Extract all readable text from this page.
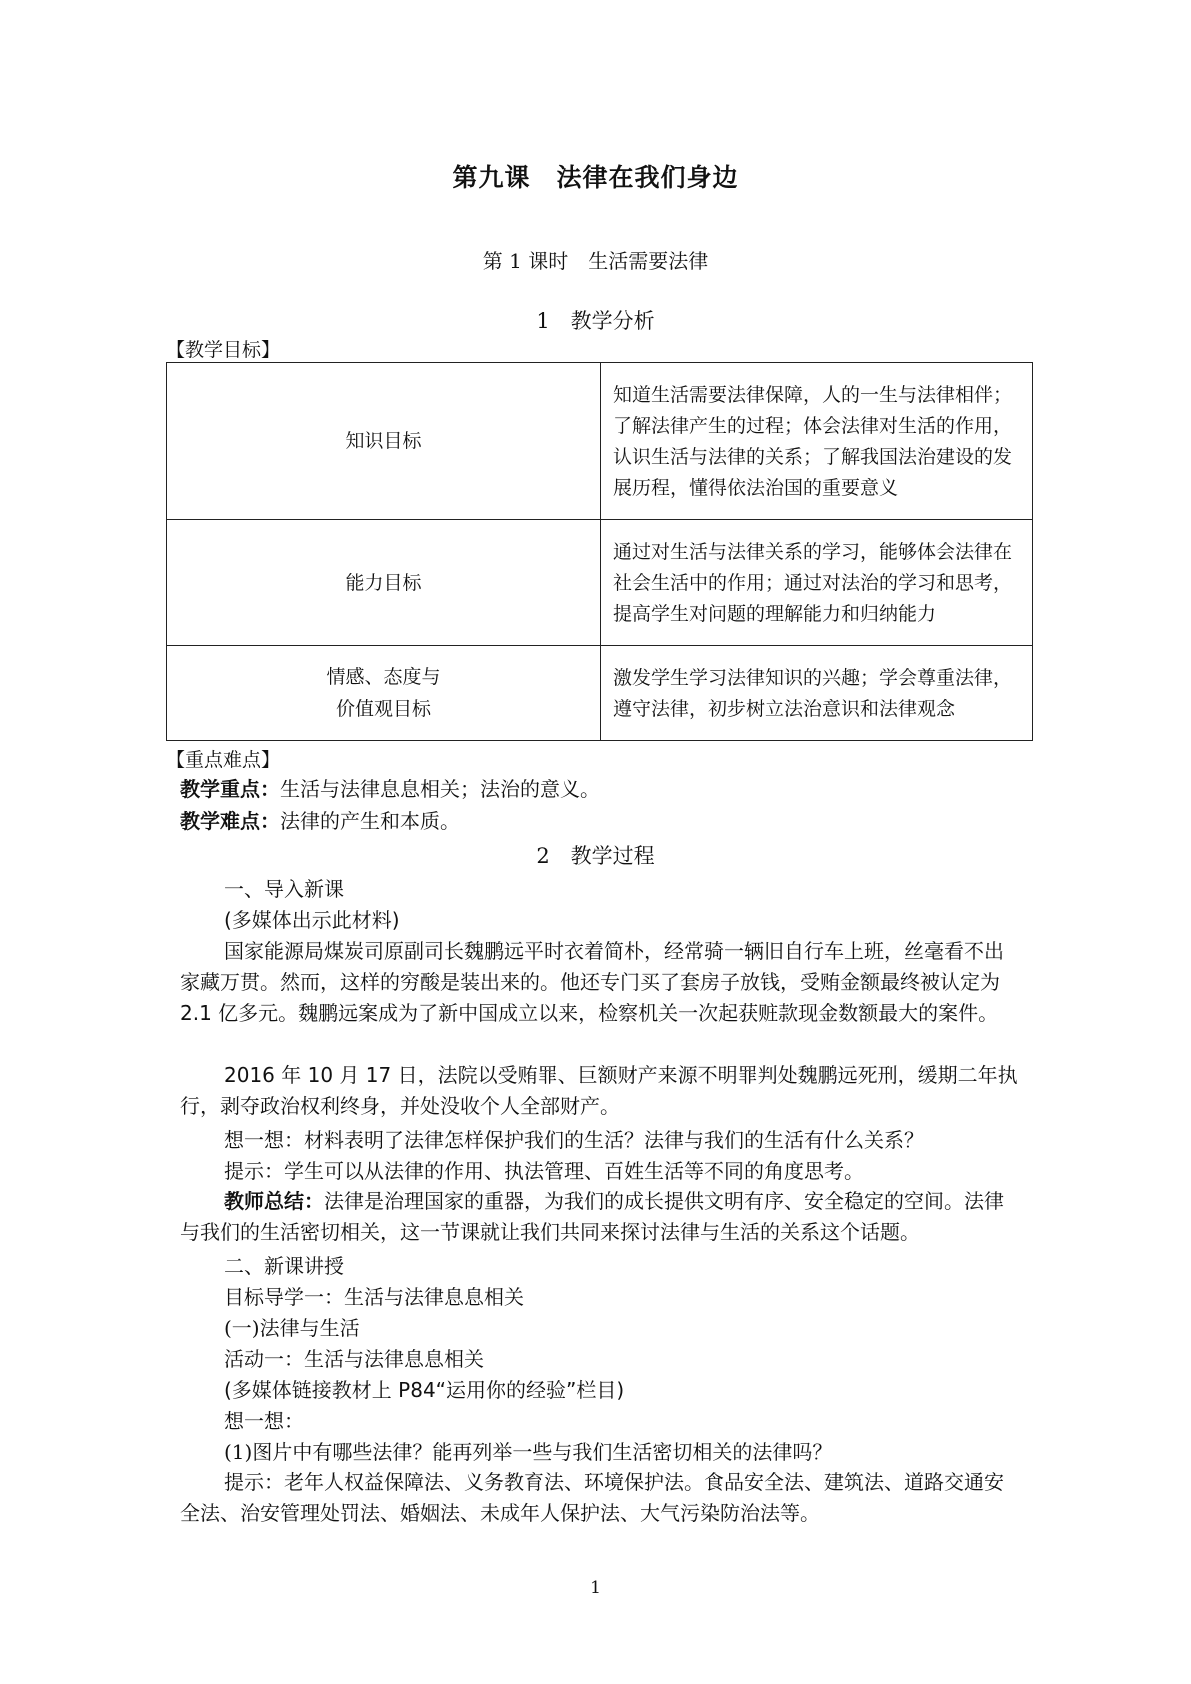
第九课　法律在我们身边
第 1 课时　生活需要法律
1　教学分析
【教学目标】
知识目标	知道生活需要法律保障，人的一生与法律相伴；了解法律产生的过程；体会法律对生活的作用，认识生活与法律的关系；了解我国法治建设的发展历程，懂得依法治国的重要意义
能力目标	通过对生活与法律关系的学习，能够体会法律在社会生活中的作用；通过对法治的学习和思考，提高学生对问题的理解能力和归纳能力

情感、态度与
价值观目标	激发学生学习法律知识的兴趣；学会尊重法律，遵守法律，初步树立法治意识和法律观念
【重点难点】
教学重点：生活与法律息息相关；法治的意义。
教学难点：法律的产生和本质。
2　教学过程
一、导入新课
(多媒体出示此材料)

国家能源局煤炭司原副司长魏鹏远平时衣着简朴，经常骑一辆旧自行车上班，丝毫看不出家藏万贯。然而，这样的穷酸是装出来的。他还专门买了套房子放钱，受贿金额最终被认定为 2.1 亿多元。魏鹏远案成为了新中国成立以来，检察机关一次起获赃款现金数额最大的案件。

2016 年 10 月 17 日，法院以受贿罪、巨额财产来源不明罪判处魏鹏远死刑，缓期二年执行，剥夺政治权利终身，并处没收个人全部财产。

想一想：材料表明了法律怎样保护我们的生活？法律与我们的生活有什么关系？
提示：学生可以从法律的作用、执法管理、百姓生活等不同的角度思考。

教师总结：法律是治理国家的重器，为我们的成长提供文明有序、安全稳定的空间。法律与我们的生活密切相关，这一节课就让我们共同来探讨法律与生活的关系这个话题。

二、新课讲授
目标导学一：生活与法律息息相关
(一)法律与生活
活动一：生活与法律息息相关
(多媒体链接教材上 P84“运用你的经验”栏目)
想一想：
(1)图片中有哪些法律？能再列举一些与我们生活密切相关的法律吗？

提示：老年人权益保障法、义务教育法、环境保护法。食品安全法、建筑法、道路交通安全法、治安管理处罚法、婚姻法、未成年人保护法、大气污染防治法等。

1
